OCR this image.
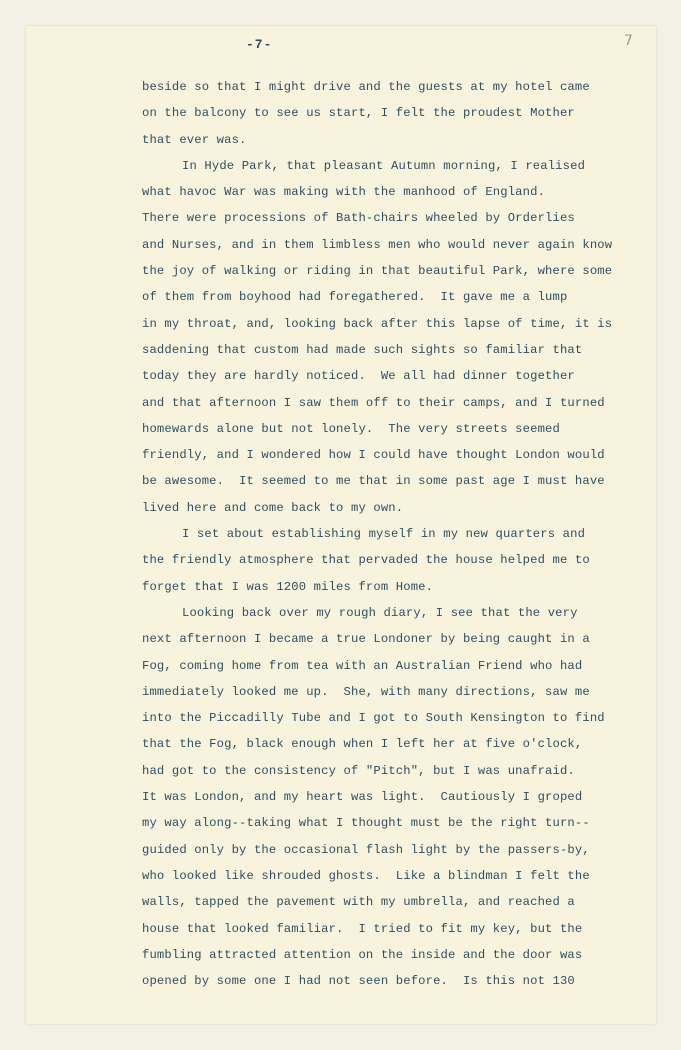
-7-	7
beside so that I might drive and the guests at my hotel came
on the balcony to see us start, I felt the proudest Mother
that ever was.
In Hyde Park, that pleasant Autumn morning, I realised
what havoc War was making with the manhood of England.
There were processions of Bath-chairs wheeled by Orderlies
and Nurses, and in them limbless men who would never again know
the joy of walking or riding in that beautiful Park, where some
of them from boyhood had foregathered.  It gave me a lump
in my throat, and, looking back after this lapse of time, it is
saddening that custom had made such sights so familiar that
today they are hardly noticed.  We all had dinner together
and that afternoon I saw them off to their camps, and I turned
homewards alone but not lonely.  The very streets seemed
friendly, and I wondered how I could have thought London would
be awesome.  It seemed to me that in some past age I must have
lived here and come back to my own.
I set about establishing myself in my new quarters and
the friendly atmosphere that pervaded the house helped me to
forget that I was 1200 miles from Home.
Looking back over my rough diary, I see that the very
next afternoon I became a true Londoner by being caught in a
Fog, coming home from tea with an Australian Friend who had
immediately looked me up.  She, with many directions, saw me
into the Piccadilly Tube and I got to South Kensington to find
that the Fog, black enough when I left her at five o'clock,
had got to the consistency of "Pitch", but I was unafraid.
It was London, and my heart was light.  Cautiously I groped
my way along--taking what I thought must be the right turn--
guided only by the occasional flash light by the passers-by,
who looked like shrouded ghosts.  Like a blindman I felt the
walls, tapped the pavement with my umbrella, and reached a
house that looked familiar.  I tried to fit my key, but the
fumbling attracted attention on the inside and the door was
opened by some one I had not seen before.  Is this not 130
